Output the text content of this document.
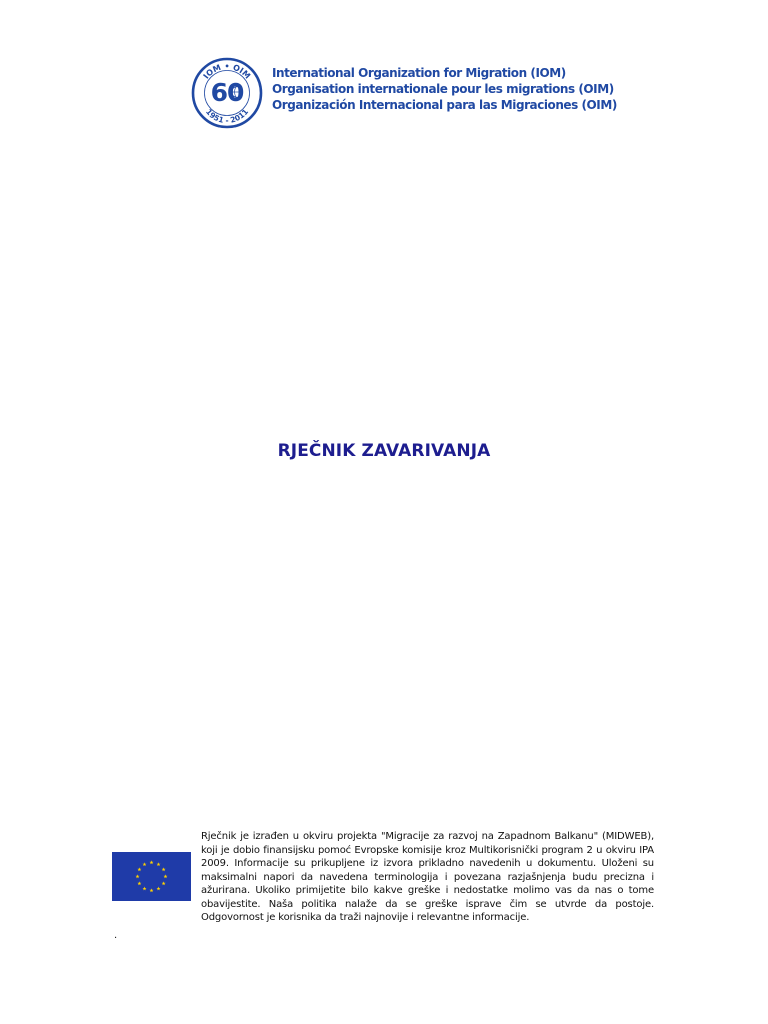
IOM • OIM
1951 - 2011
60
International Organization for Migration (IOM)
Organisation internationale pour les migrations (OIM)
Organización Internacional para las Migraciones (OIM)
RJEČNIK ZAVARIVANJA
Rječnik je izrađen u okviru projekta "Migracije za razvoj na Zapadnom Balkanu" (MIDWEB), koji je dobio finansijsku pomoć Evropske komisije kroz Multikorisnički program 2 u okviru IPA 2009. Informacije su prikupljene iz izvora prikladno navedenih u dokumentu. Uloženi su maksimalni napori da navedena terminologija i povezana razjašnjenja budu precizna i ažurirana. Ukoliko primijetite bilo kakve greške i nedostatke molimo vas da nas o tome obavijestite. Naša politika nalaže da se greške isprave čim se utvrde da postoje. Odgovornost je korisnika da traži najnovije i relevantne informacije.
.
